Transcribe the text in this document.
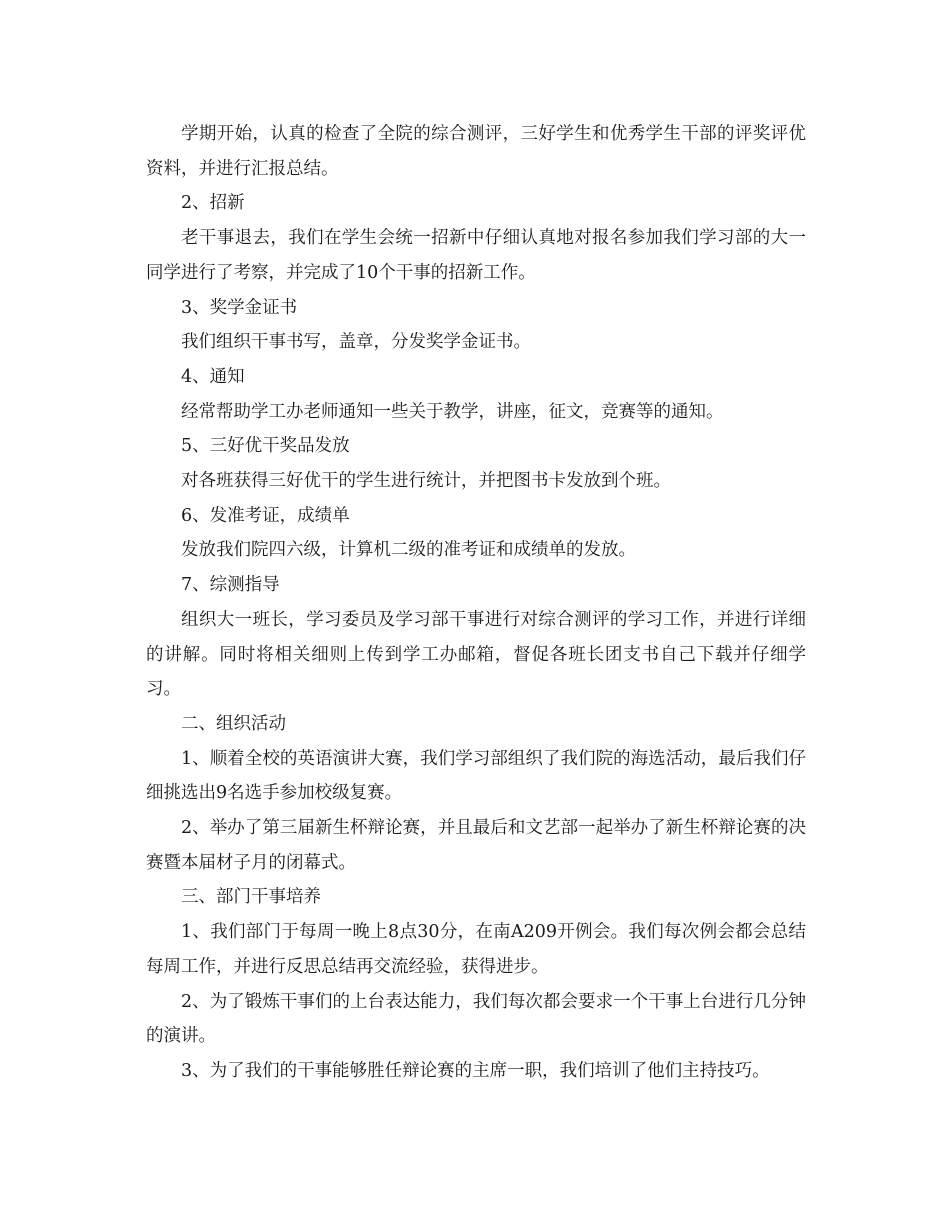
学期开始，认真的检查了全院的综合测评，三好学生和优秀学生干部的评奖评优资料，并进行汇报总结。

2、招新

老干事退去，我们在学生会统一招新中仔细认真地对报名参加我们学习部的大一同学进行了考察，并完成了10个干事的招新工作。

3、奖学金证书

我们组织干事书写，盖章，分发奖学金证书。

4、通知

经常帮助学工办老师通知一些关于教学，讲座，征文，竞赛等的通知。

5、三好优干奖品发放

对各班获得三好优干的学生进行统计，并把图书卡发放到个班。

6、发准考证，成绩单

发放我们院四六级，计算机二级的准考证和成绩单的发放。

7、综测指导

组织大一班长，学习委员及学习部干事进行对综合测评的学习工作，并进行详细的讲解。同时将相关细则上传到学工办邮箱，督促各班长团支书自己下载并仔细学习。

二、组织活动

1、顺着全校的英语演讲大赛，我们学习部组织了我们院的海选活动，最后我们仔细挑选出9名选手参加校级复赛。

2、举办了第三届新生杯辩论赛，并且最后和文艺部一起举办了新生杯辩论赛的决赛暨本届材子月的闭幕式。

三、部门干事培养

1、我们部门于每周一晚上8点30分，在南A209开例会。我们每次例会都会总结每周工作，并进行反思总结再交流经验，获得进步。

2、为了锻炼干事们的上台表达能力，我们每次都会要求一个干事上台进行几分钟的演讲。

3、为了我们的干事能够胜任辩论赛的主席一职，我们培训了他们主持技巧。
